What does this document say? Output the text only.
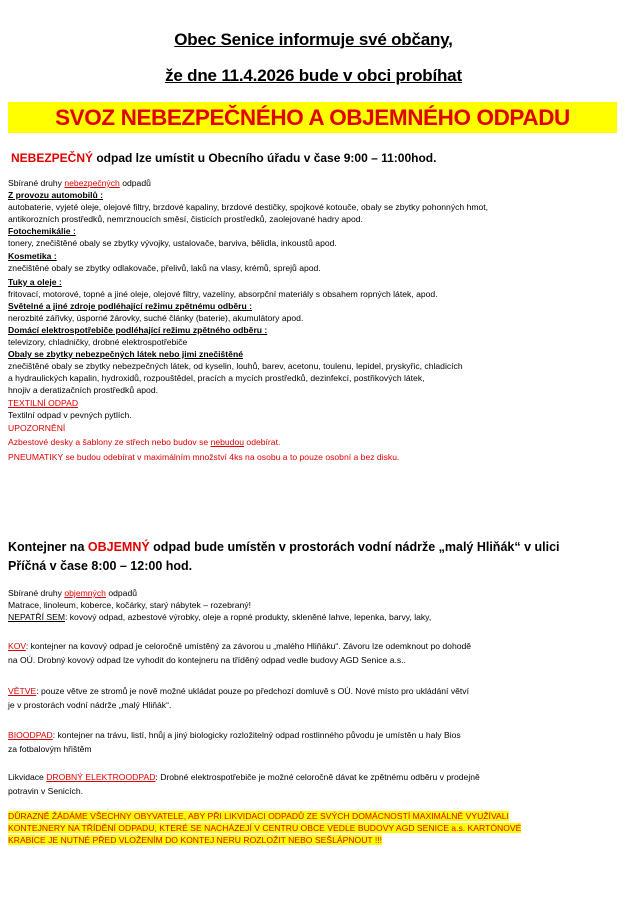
Obec Senice informuje své občany,
že dne 11.4.2026 bude v obci probíhat
SVOZ NEBEZPEČNÉHO A OBJEMNÉHO ODPADU
NEBEZPEČNÝ odpad lze umístit u Obecního úřadu v čase 9:00 – 11:00hod.
Sbírané druhy nebezpečných odpadů
Z provozu automobilů :
autobaterie, vyjeté oleje, olejové filtry, brzdové kapaliny, brzdové destičky, spojkové kotouče, obaly se zbytky pohonných hmot,
antikorozních prostředků, nemrznoucích směsí, čisticích prostředků, zaolejované hadry apod.
Fotochemikálie :
tonery, znečištěné obaly se zbytky vývojky, ustalovače, barviva, bělidla, inkoustů apod.
Kosmetika :
znečištěné obaly se zbytky odlakovače, přelivů, laků na vlasy, krémů, sprejů apod.
Tuky a oleje :
fritovací, motorové, topné a jiné oleje, olejové filtry, vazelíny, absorpční materiály s obsahem ropných látek, apod.
Světelné a jiné zdroje podléhající režimu zpětnému odběru :
nerozbité zářivky, úsporné žárovky, suché články (baterie), akumulátory apod.
Domácí elektrospotřebiče podléhající režimu zpětného odběru :
televizory, chladničky, drobné elektrospotřebiče
Obaly se zbytky nebezpečných látek nebo jimi znečištěné
znečištěné obaly se zbytky nebezpečných látek, od kyselin, louhů, barev, acetonu, toulenu, lepidel, pryskyřic, chladicích
a hydraulických kapalin, hydroxidů, rozpouštědel, pracích a mycích prostředků, dezinfekcí, postřikových látek,
hnojiv a deratizačních prostředků apod.
TEXTILNÍ ODPAD
Textilní odpad v pevných pytlích.
UPOZORNĚNÍ
Azbestové desky a šablony ze střech nebo budov se nebudou odebírat.
PNEUMATIKY se budou odebírat v maximálním množství 4ks na osobu a to pouze osobní a bez disku.
Kontejner na OBJEMNÝ odpad bude umístěn v prostorách vodní nádrže „malý Hliňák“ v ulici
Příčná v čase 8:00 – 12:00 hod.
Sbírané druhy objemných odpadů
Matrace, linoleum, koberce, kočárky, starý nábytek – rozebraný!
NEPATŘÍ SEM: kovový odpad, azbestové výrobky, oleje a ropné produkty, skleněné lahve, lepenka, barvy, laky,
KOV: kontejner na kovový odpad je celoročně umístěný za závorou u „malého Hliňáku“. Závoru lze odemknout po dohodě
na OÚ. Drobný kovový odpad lze vyhodit do kontejneru na tříděný odpad vedle budovy AGD Senice a.s..
VĚTVE: pouze větve ze stromů je nově možné ukládat pouze po předchozí domluvě s OÚ. Nové místo pro ukládání větví
je v prostorách vodní nádrže „malý Hliňák“.
BIOODPAD: kontejner na trávu, listí, hnůj a jiný biologicky rozložitelný odpad rostlinného původu je umístěn u haly Bios
za fotbalovým hřištěm
Likvidace DROBNÝ ELEKTROODPAD: Drobné elektrospotřebiče je možné celoročně dávat ke zpětnému odběru v prodejně
potravin v Senicích.
DŮRAZNĚ ŽÁDÁME VŠECHNY OBYVATELE, ABY PŘI LIKVIDACI ODPADŮ ZE SVÝCH DOMÁCNOSTÍ MAXIMÁLNĚ VYUŽÍVALI
KONTEJNERY NA TŘÍDĚNÍ ODPADU, KTERÉ SE NACHÁZEJÍ V CENTRU OBCE VEDLE BUDOVY AGD SENICE a.s. KARTÓNOVÉ
KRABICE JE NUTNÉ PŘED VLOŽENÍM DO KONTEJ NERU ROZLOŽIT NEBO SEŠLÁPNOUT !!!
